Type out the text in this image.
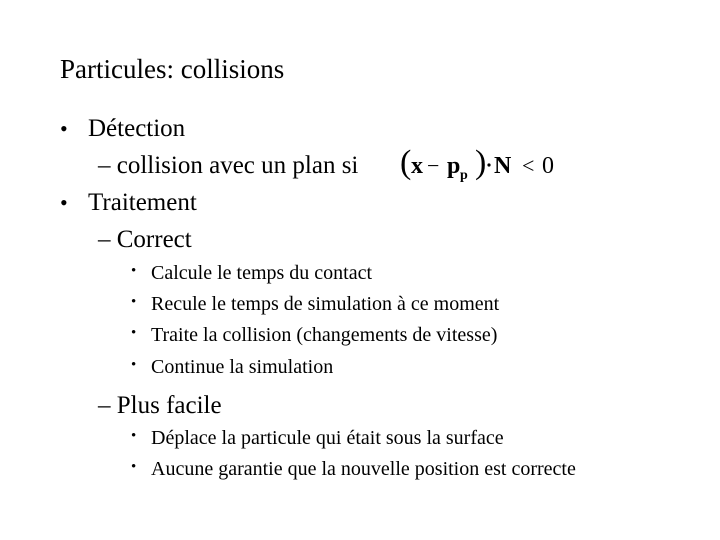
Particules: collisions
• Détection
– collision avec un plan si ( x − p p ) N < 0
• Traitement
– Correct
• Calcule le temps du contact
• Recule le temps de simulation à ce moment
• Traite la collision (changements de vitesse)
• Continue la simulation
– Plus facile
• Déplace la particule qui était sous la surface
• Aucune garantie que la nouvelle position est correcte
